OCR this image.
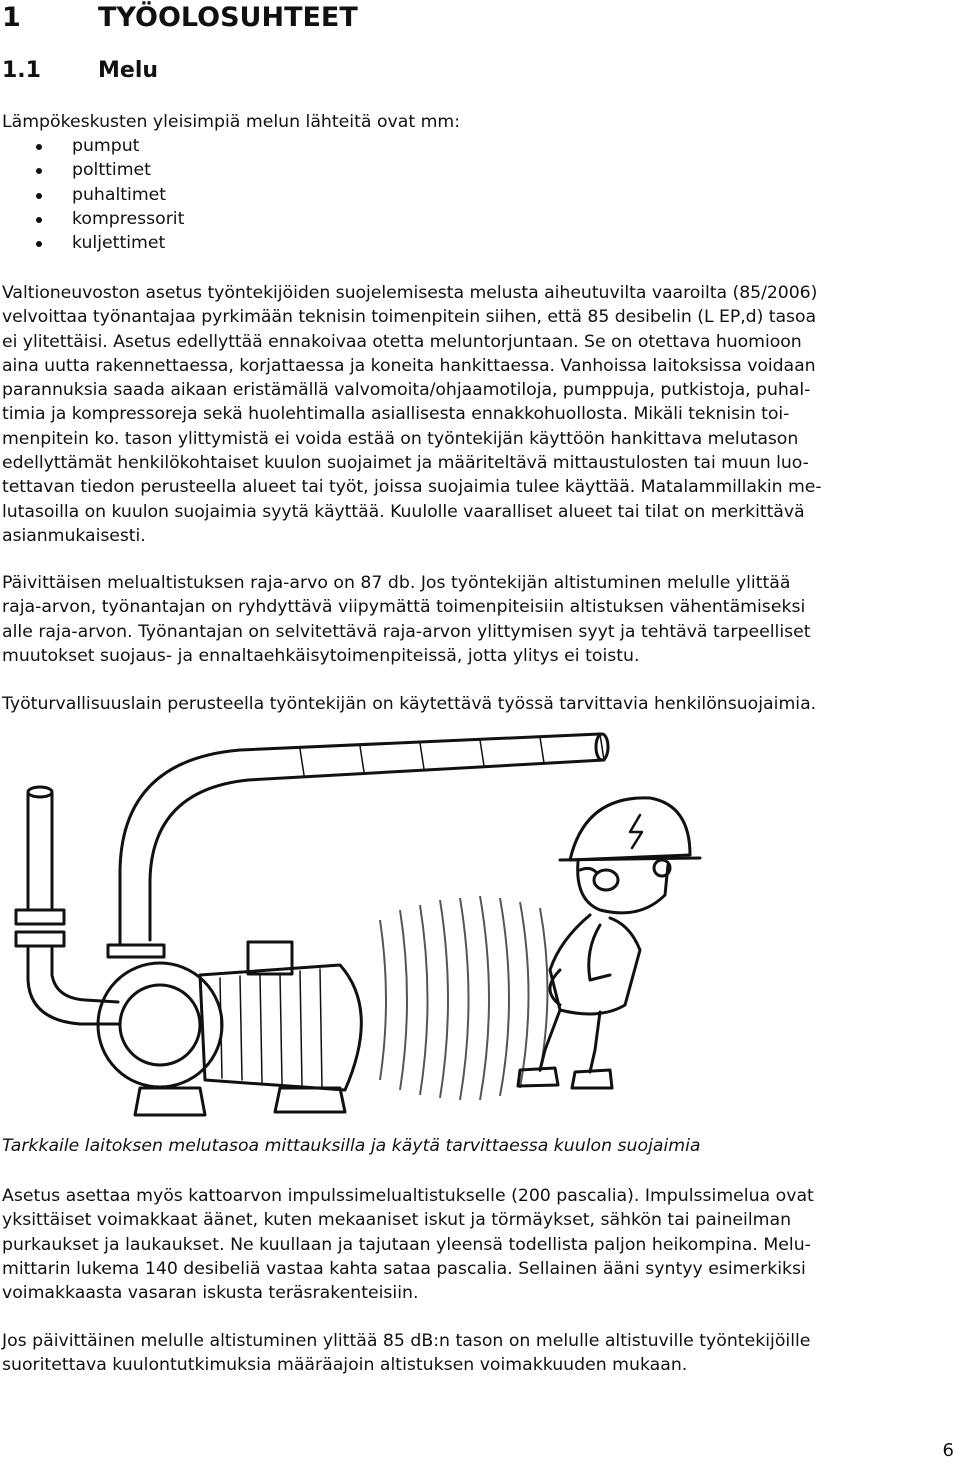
1	TYÖOLOSUHTEET
1.1	Melu

Lämpökeskusten yleisimpiä melun lähteitä ovat mm:

pumput
polttimet
puhaltimet
kompressorit
kuljettimet

Valtioneuvoston asetus työntekijöiden suojelemisesta melusta aiheutuvilta vaaroilta (85/2006)
velvoittaa työnantajaa pyrkimään teknisin toimenpitein siihen, että 85 desibelin (L EP,d) tasoa
ei ylitettäisi. Asetus edellyttää ennakoivaa otetta meluntorjuntaan. Se on otettava huomioon
aina uutta rakennettaessa, korjattaessa ja koneita hankittaessa. Vanhoissa laitoksissa voidaan
parannuksia saada aikaan eristämällä valvomoita/ohjaamotiloja, pumppuja, putkistoja, puhal-
timia ja kompressoreja sekä huolehtimalla asiallisesta ennakkohuollosta. Mikäli teknisin toi-
menpitein ko. tason ylittymistä ei voida estää on työntekijän käyttöön hankittava melutason
edellyttämät henkilökohtaiset kuulon suojaimet ja määriteltävä mittaustulosten tai muun luo-
tettavan tiedon perusteella alueet tai työt, joissa suojaimia tulee käyttää. Matalammillakin me-
lutasoilla on kuulon suojaimia syytä käyttää. Kuulolle vaaralliset alueet tai tilat on merkittävä
asianmukaisesti.

Päivittäisen melualtistuksen raja-arvo on 87 db. Jos työntekijän altistuminen melulle ylittää
raja-arvon, työnantajan on ryhdyttävä viipymättä toimenpiteisiin altistuksen vähentämiseksi
alle raja-arvon. Työnantajan on selvitettävä raja-arvon ylittymisen syyt ja tehtävä tarpeelliset
muutokset suojaus- ja ennaltaehkäisytoimenpiteissä, jotta ylitys ei toistu.

Työturvallisuuslain perusteella työntekijän on käytettävä työssä tarvittavia henkilönsuojaimia.

Tarkkaile laitoksen melutasoa mittauksilla ja käytä tarvittaessa kuulon suojaimia

Asetus asettaa myös kattoarvon impulssimelualtistukselle (200 pascalia). Impulssimelua ovat
yksittäiset voimakkaat äänet, kuten mekaaniset iskut ja törmäykset, sähkön tai paineilman
purkaukset ja laukaukset. Ne kuullaan ja tajutaan yleensä todellista paljon heikompina. Melu-
mittarin lukema 140 desibeliä vastaa kahta sataa pascalia. Sellainen ääni syntyy esimerkiksi
voimakkaasta vasaran iskusta teräsrakenteisiin.

Jos päivittäinen melulle altistuminen ylittää 85 dB:n tason on melulle altistuville työntekijöille
suoritettava kuulontutkimuksia määräajoin altistuksen voimakkuuden mukaan.

6
